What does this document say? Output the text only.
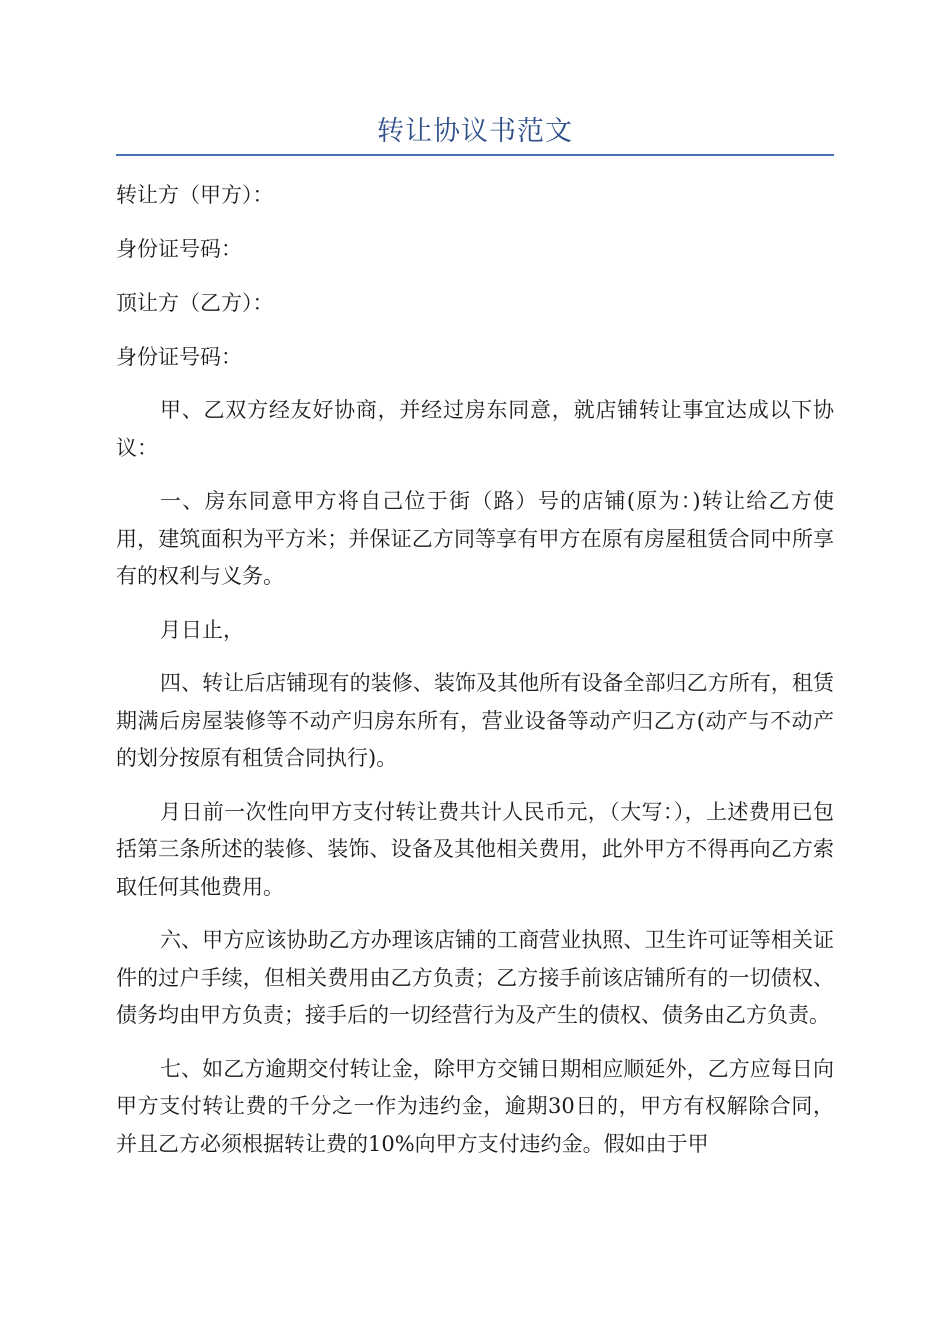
转让协议书范文

转让方（甲方）：

身份证号码：

顶让方（乙方）：

身份证号码：

甲、乙双方经友好协商，并经过房东同意，就店铺转让事宜达成以下协议：

一、房东同意甲方将自己位于街（路）号的店铺(原为：)转让给乙方使用，建筑面积为平方米；并保证乙方同等享有甲方在原有房屋租赁合同中所享有的权利与义务。

月日止，

四、转让后店铺现有的装修、装饰及其他所有设备全部归乙方所有，租赁期满后房屋装修等不动产归房东所有，营业设备等动产归乙方(动产与不动产的划分按原有租赁合同执行)。

月日前一次性向甲方支付转让费共计人民币元，（大写：），上述费用已包括第三条所述的装修、装饰、设备及其他相关费用，此外甲方不得再向乙方索取任何其他费用。

六、甲方应该协助乙方办理该店铺的工商营业执照、卫生许可证等相关证件的过户手续，但相关费用由乙方负责；乙方接手前该店铺所有的一切债权、债务均由甲方负责；接手后的一切经营行为及产生的债权、债务由乙方负责。

七、如乙方逾期交付转让金，除甲方交铺日期相应顺延外，乙方应每日向甲方支付转让费的千分之一作为违约金，逾期30日的，甲方有权解除合同，并且乙方必须根据转让费的10%向甲方支付违约金。假如由于甲
